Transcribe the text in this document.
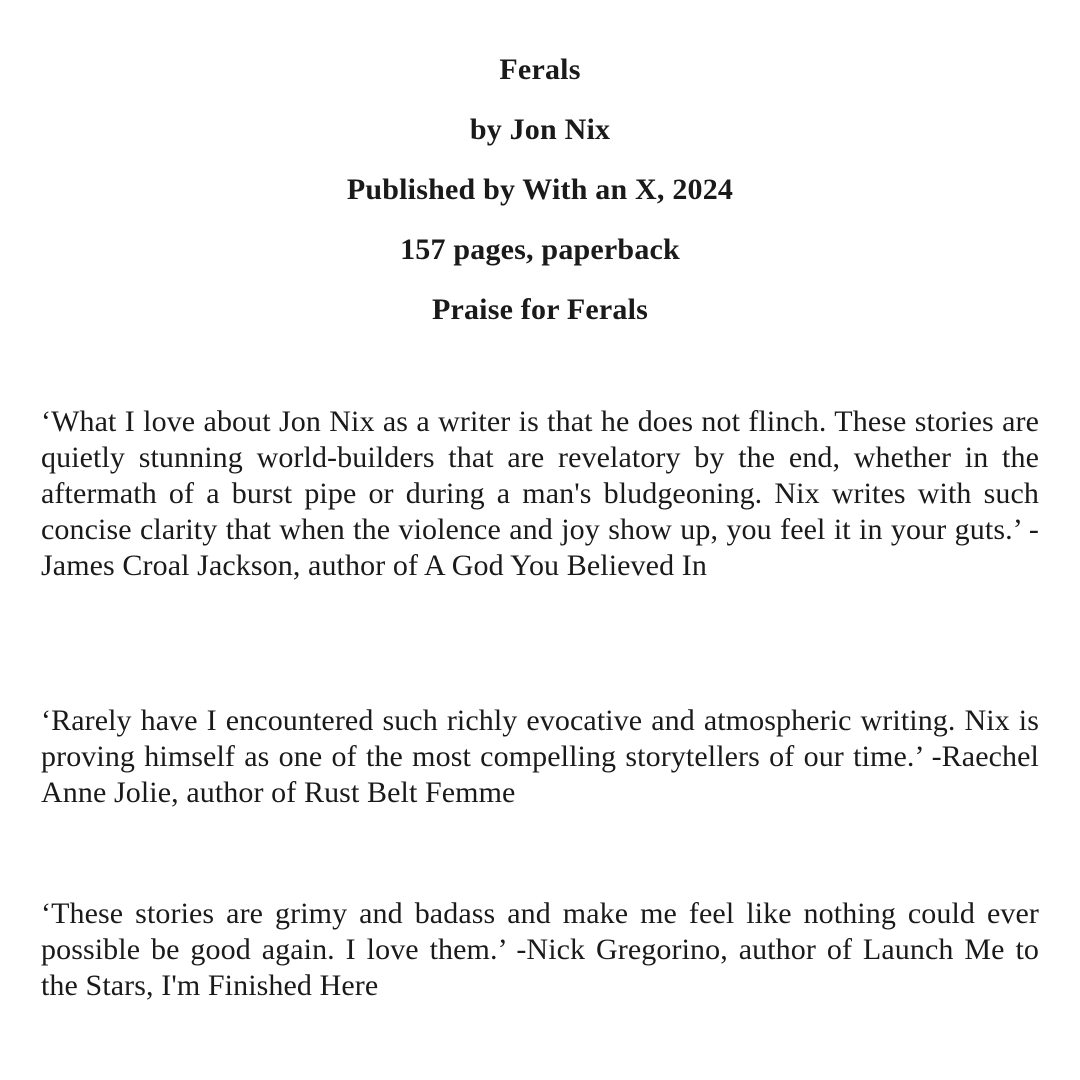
Ferals
by Jon Nix
Published by With an X, 2024
157 pages, paperback
Praise for Ferals

‘What I love about Jon Nix as a writer is that he does not flinch. These stories are quietly stunning world-builders that are revelatory by the end, whether in the aftermath of a burst pipe or during a man's bludgeoning. Nix writes with such concise clarity that when the violence and joy show up, you feel it in your guts.’ -James Croal Jackson, author of A God You Believed In

‘Rarely have I encountered such richly evocative and atmospheric writing. Nix is proving himself as one of the most compelling storytellers of our time.’ -Raechel Anne Jolie, author of Rust Belt Femme

‘These stories are grimy and badass and make me feel like nothing could ever possible be good again. I love them.’ -Nick Gregorino, author of Launch Me to the Stars, I'm Finished Here
